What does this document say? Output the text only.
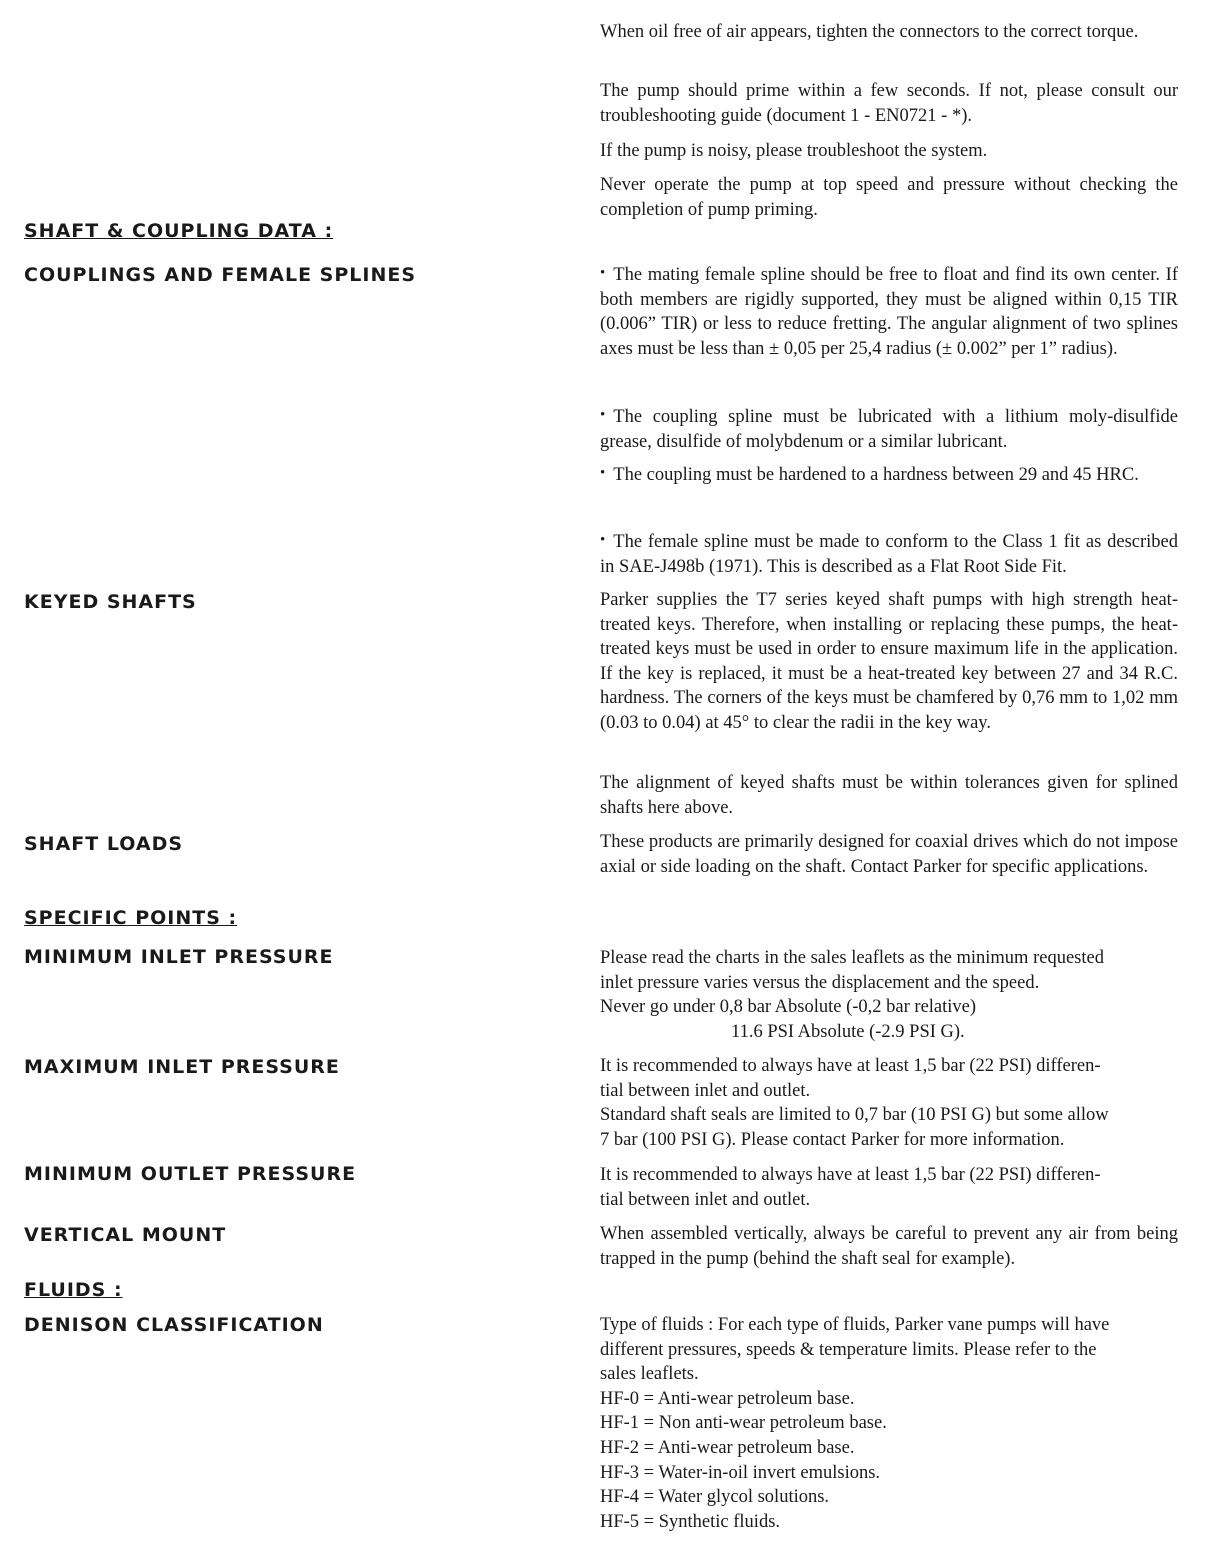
When oil free of air appears, tighten the connectors to the correct torque.
The pump should prime within a few seconds. If not, please consult our troubleshooting guide (document 1 - EN0721 - *).
If the pump is noisy, please troubleshoot the system.
Never operate the pump at top speed and pressure without checking the completion of pump priming.
SHAFT & COUPLING DATA :
COUPLINGS AND FEMALE SPLINES	• The mating female spline should be free to float and find its own center. If both members are rigidly supported, they must be aligned within 0,15 TIR (0.006” TIR) or less to reduce fretting. The angular alignment of two splines axes must be less than ± 0,05 per 25,4 radius (± 0.002” per 1” radius).
• The coupling spline must be lubricated with a lithium moly-disulfide grease, disulfide of molybdenum or a similar lubricant.
• The coupling must be hardened to a hardness between 29 and 45 HRC.
• The female spline must be made to conform to the Class 1 fit as described in SAE-J498b (1971). This is described as a Flat Root Side Fit.
KEYED SHAFTS	Parker supplies the T7 series keyed shaft pumps with high strength heat-treated keys. Therefore, when installing or replacing these pumps, the heat-treated keys must be used in order to ensure maximum life in the application. If the key is replaced, it must be a heat-treated key between 27 and 34 R.C. hardness. The corners of the keys must be chamfered by 0,76 mm to 1,02 mm (0.03 to 0.04) at 45° to clear the radii in the key way.
The alignment of keyed shafts must be within tolerances given for splined shafts here above.
SHAFT LOADS	These products are primarily designed for coaxial drives which do not impose axial or side loading on the shaft. Contact Parker for specific applications.
SPECIFIC POINTS :
MINIMUM INLET PRESSURE	Please read the charts in the sales leaflets as the minimum requested
inlet pressure varies versus the displacement and the speed.
Never go under 0,8 bar Absolute (-0,2 bar relative)
11.6 PSI Absolute (-2.9 PSI G).
MAXIMUM INLET PRESSURE	It is recommended to always have at least 1,5 bar (22 PSI) differen-
tial between inlet and outlet.
Standard shaft seals are limited to 0,7 bar (10 PSI G) but some allow
7 bar (100 PSI G). Please contact Parker for more information.
MINIMUM OUTLET PRESSURE	It is recommended to always have at least 1,5 bar (22 PSI) differen-
tial between inlet and outlet.
VERTICAL MOUNT	When assembled vertically, always be careful to prevent any air from being trapped in the pump (behind the shaft seal for example).
FLUIDS :
DENISON CLASSIFICATION	Type of fluids : For each type of fluids, Parker vane pumps will have
different pressures, speeds & temperature limits. Please refer to the
sales leaflets.
HF-0 = Anti-wear petroleum base.
HF-1 = Non anti-wear petroleum base.
HF-2 = Anti-wear petroleum base.
HF-3 = Water-in-oil invert emulsions.
HF-4 = Water glycol solutions.
HF-5 = Synthetic fluids.
